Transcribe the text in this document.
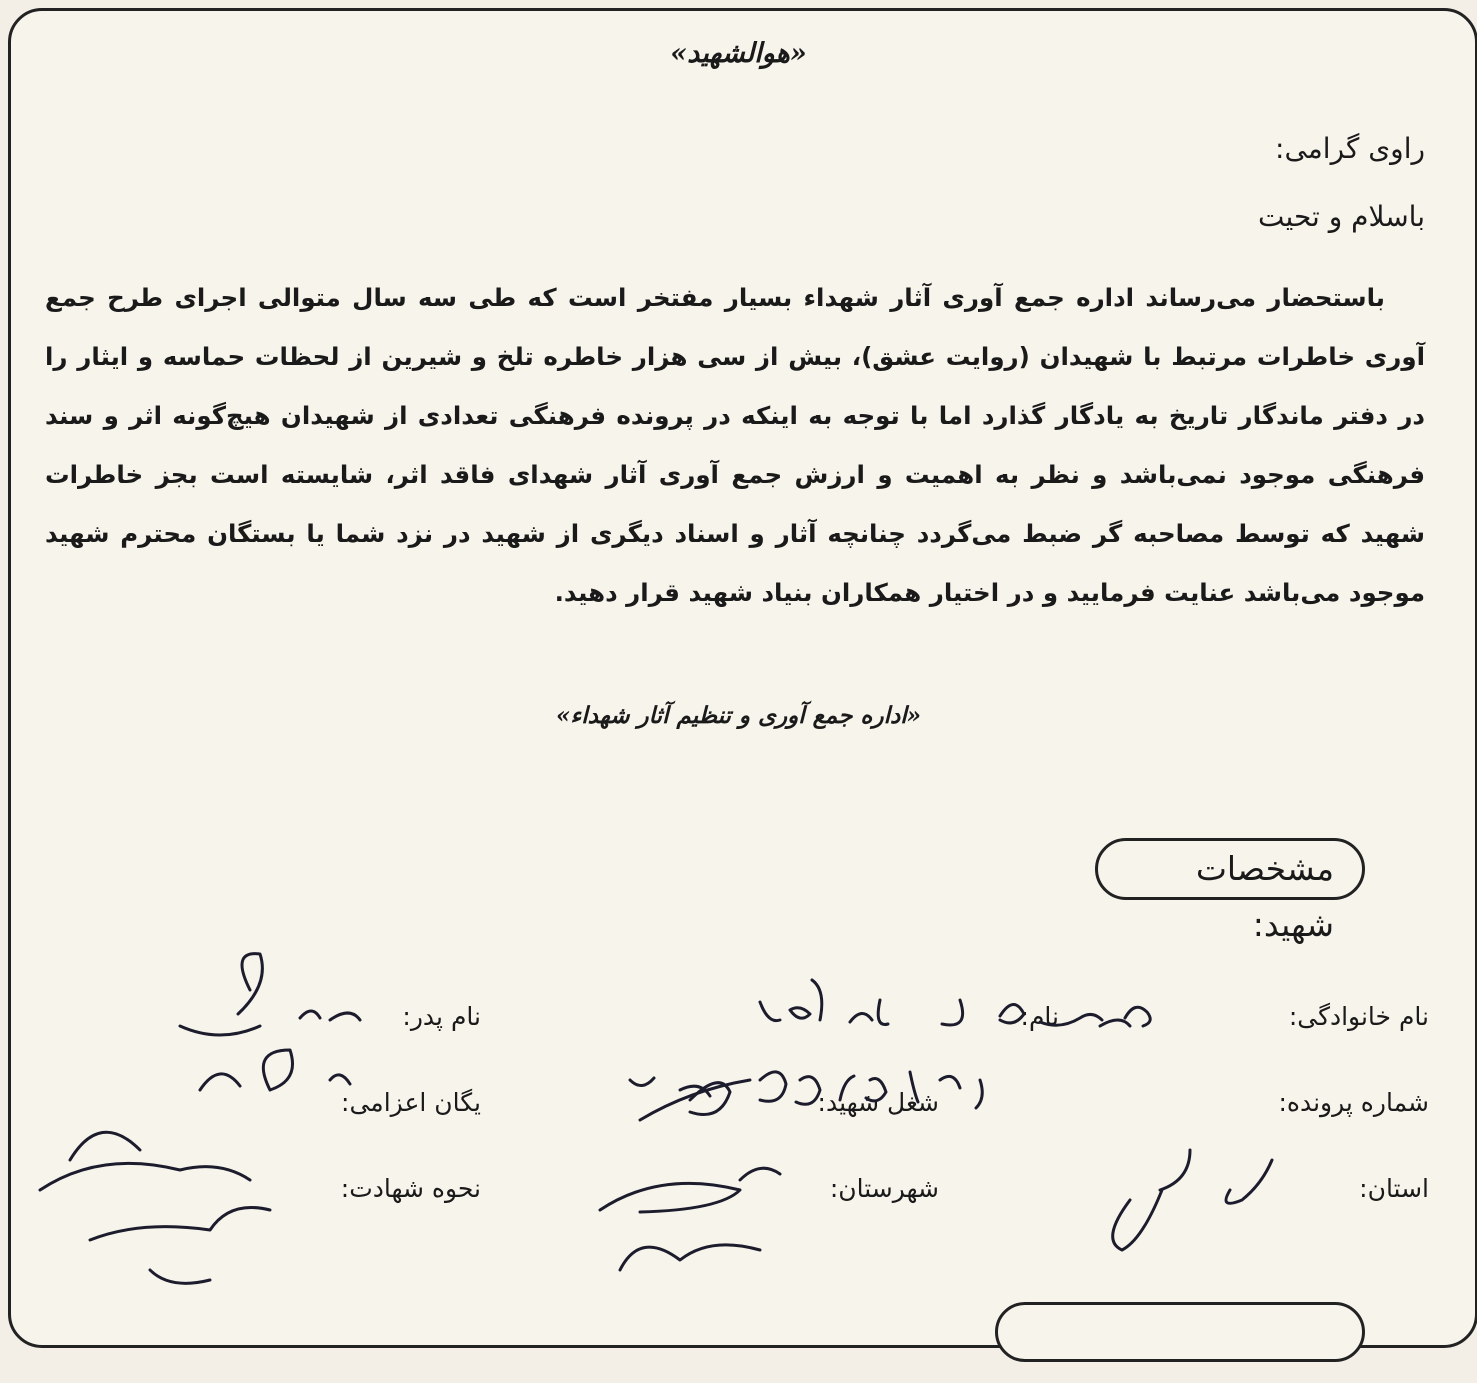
«هوالشهید»
راوی گرامی:
باسلام و تحیت
باستحضار می‌رساند اداره جمع آوری آثار شهداء بسیار مفتخر است که طی سه سال متوالی اجرای طرح جمع آوری خاطرات مرتبط با شهیدان (روایت عشق)، بیش از سی هزار خاطره تلخ و شیرین از لحظات حماسه و ایثار را در دفتر ماندگار تاریخ به یادگار گذارد اما با توجه به اینکه در پرونده فرهنگی تعدادی از شهیدان هیچ‌گونه اثر و سند فرهنگی موجود نمی‌باشد و نظر به اهمیت و ارزش جمع آوری آثار شهدای فاقد اثر، شایسته است بجز خاطرات شهید که توسط مصاحبه گر ضبط می‌گردد چنانچه آثار و اسناد دیگری از شهید در نزد شما یا بستگان محترم شهید موجود می‌باشد عنایت فرمایید و در اختیار همکاران بنیاد شهید قرار دهید.
«اداره جمع آوری و تنظیم آثار شهداء»
مشخصات شهید:
نام خانوادگی:
نام:
نام پدر:
شماره پرونده:
شغل شهید:
یگان اعزامی:
استان:
شهرستان:
نحوه شهادت:
